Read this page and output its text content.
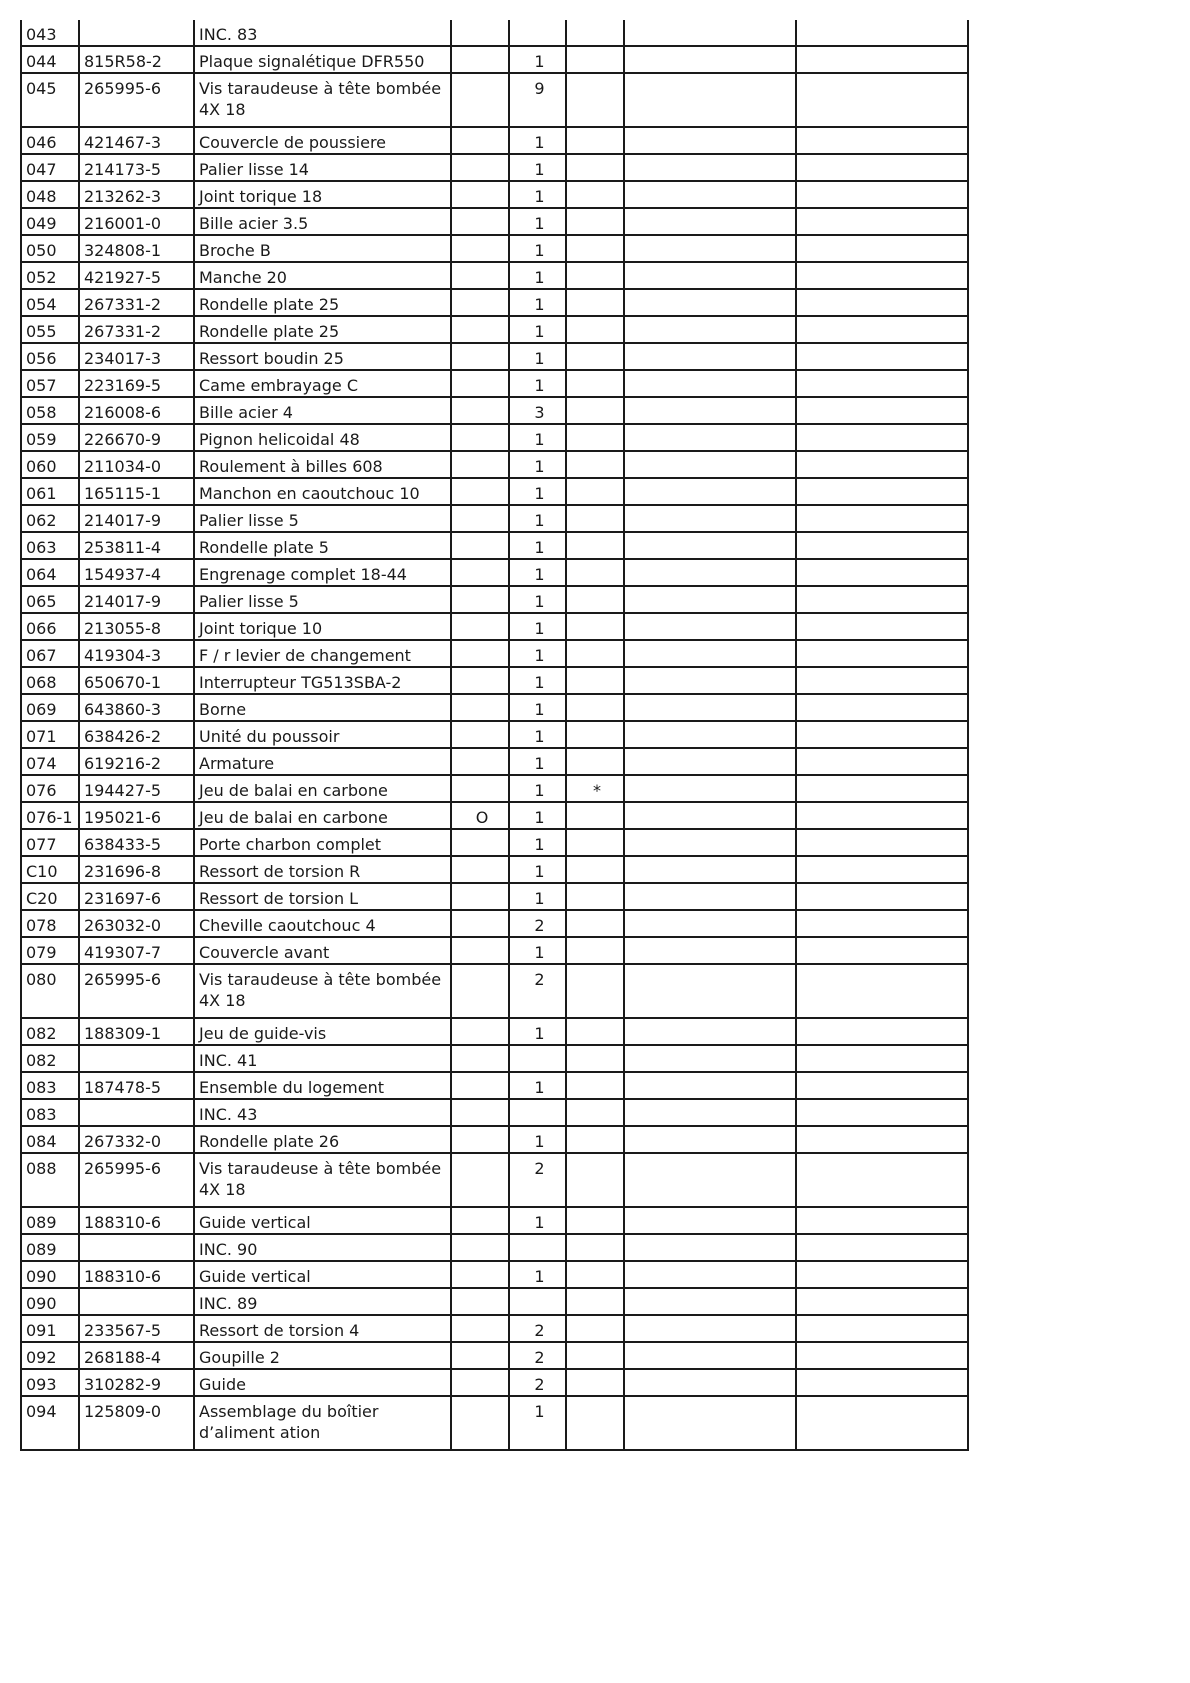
043		INC. 83					
044	815R58-2	Plaque signalétique DFR550		1			
045	265995-6	Vis taraudeuse à tête bombée 4X 18		9			
046	421467-3	Couvercle de poussiere		1			
047	214173-5	Palier lisse 14		1			
048	213262-3	Joint torique 18		1			
049	216001-0	Bille acier 3.5		1			
050	324808-1	Broche B		1			
052	421927-5	Manche 20		1			
054	267331-2	Rondelle plate 25		1			
055	267331-2	Rondelle plate 25		1			
056	234017-3	Ressort boudin 25		1			
057	223169-5	Came embrayage C		1			
058	216008-6	Bille acier 4		3			
059	226670-9	Pignon helicoidal 48		1			
060	211034-0	Roulement à billes 608		1			
061	165115-1	Manchon en caoutchouc 10		1			
062	214017-9	Palier lisse 5		1			
063	253811-4	Rondelle plate 5		1			
064	154937-4	Engrenage complet 18-44		1			
065	214017-9	Palier lisse 5		1			
066	213055-8	Joint torique 10		1			
067	419304-3	F / r levier de changement		1			
068	650670-1	Interrupteur TG513SBA-2		1			
069	643860-3	Borne		1			
071	638426-2	Unité du poussoir		1			
074	619216-2	Armature		1			
076	194427-5	Jeu de balai en carbone		1	*		
076-1	195021-6	Jeu de balai en carbone	O	1			
077	638433-5	Porte charbon complet		1			
C10	231696-8	Ressort de torsion R		1			
C20	231697-6	Ressort de torsion L		1			
078	263032-0	Cheville caoutchouc 4		2			
079	419307-7	Couvercle avant		1			
080	265995-6	Vis taraudeuse à tête bombée 4X 18		2			
082	188309-1	Jeu de guide-vis		1			
082		INC. 41					
083	187478-5	Ensemble du logement		1			
083		INC. 43					
084	267332-0	Rondelle plate 26		1			
088	265995-6	Vis taraudeuse à tête bombée 4X 18		2			
089	188310-6	Guide vertical		1			
089		INC. 90					
090	188310-6	Guide vertical		1			
090		INC. 89					
091	233567-5	Ressort de torsion 4		2			
092	268188-4	Goupille 2		2			
093	310282-9	Guide		2			
094	125809-0	Assemblage du boîtier d’aliment ation		1			
